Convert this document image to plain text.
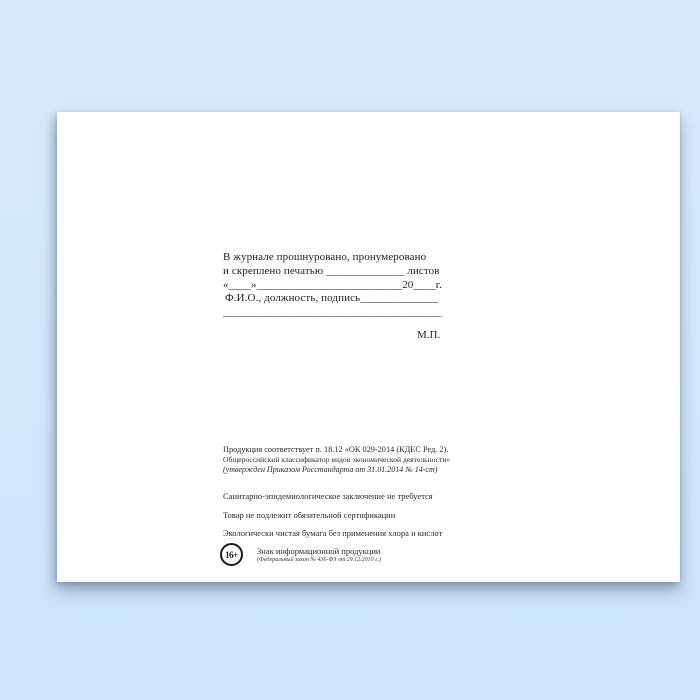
В журнале прошнуровано, пронумеровано
и скреплено печатью ______________ листов
«____»__________________________20____г.
Ф.И.О., должность, подпись______________
_______________________________________
М.П.
Продукция соответствует п. 18.12 «ОК 029-2014 (КДЕС Ред. 2).
Общероссийский классификатор видов экономической деятельности»
(утвержден Приказом Росстандарта от 31.01.2014 № 14-ст)
Санитарно-эпидемиологическое заключение не требуется
Товар не подлежит обязательной сертификации
Экологически чистая бумага без применения хлора и кислот
16+	Знак информационной продукции
(Федеральный закон № 436-ФЗ от 29.12.2010 г.)
